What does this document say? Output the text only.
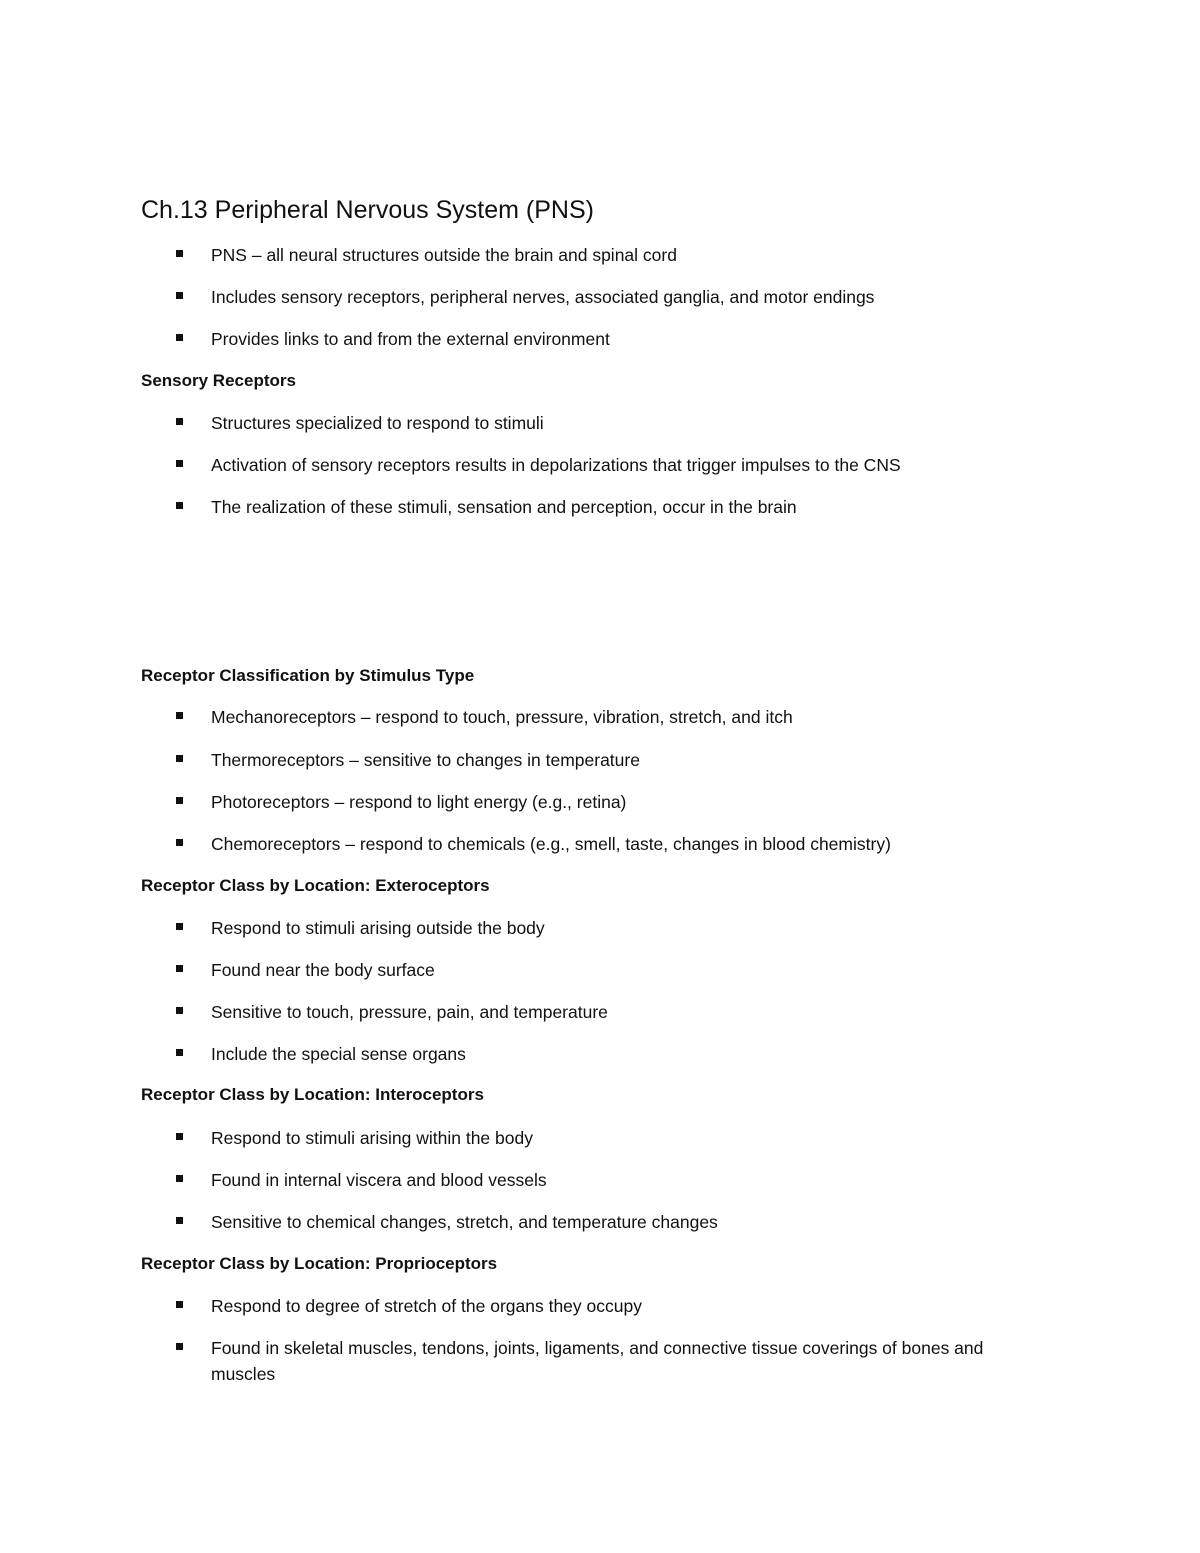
Ch.13 Peripheral Nervous System (PNS)
PNS – all neural structures outside the brain and spinal cord
Includes sensory receptors, peripheral nerves, associated ganglia, and motor endings
Provides links to and from the external environment
Sensory Receptors
Structures specialized to respond to stimuli
Activation of sensory receptors results in depolarizations that trigger impulses to the CNS
The realization of these stimuli, sensation and perception, occur in the brain
Receptor Classification by Stimulus Type
Mechanoreceptors – respond to touch, pressure, vibration, stretch, and itch
Thermoreceptors – sensitive to changes in temperature
Photoreceptors – respond to light energy (e.g., retina)
Chemoreceptors – respond to chemicals (e.g., smell, taste, changes in blood chemistry)
Receptor Class by Location: Exteroceptors
Respond to stimuli arising outside the body
Found near the body surface
Sensitive to touch, pressure, pain, and temperature
Include the special sense organs
Receptor Class by Location: Interoceptors
Respond to stimuli arising within the body
Found in internal viscera and blood vessels
Sensitive to chemical changes, stretch, and temperature changes
Receptor Class by Location: Proprioceptors
Respond to degree of stretch of the organs they occupy
Found in skeletal muscles, tendons, joints, ligaments, and connective tissue coverings of bones and muscles
